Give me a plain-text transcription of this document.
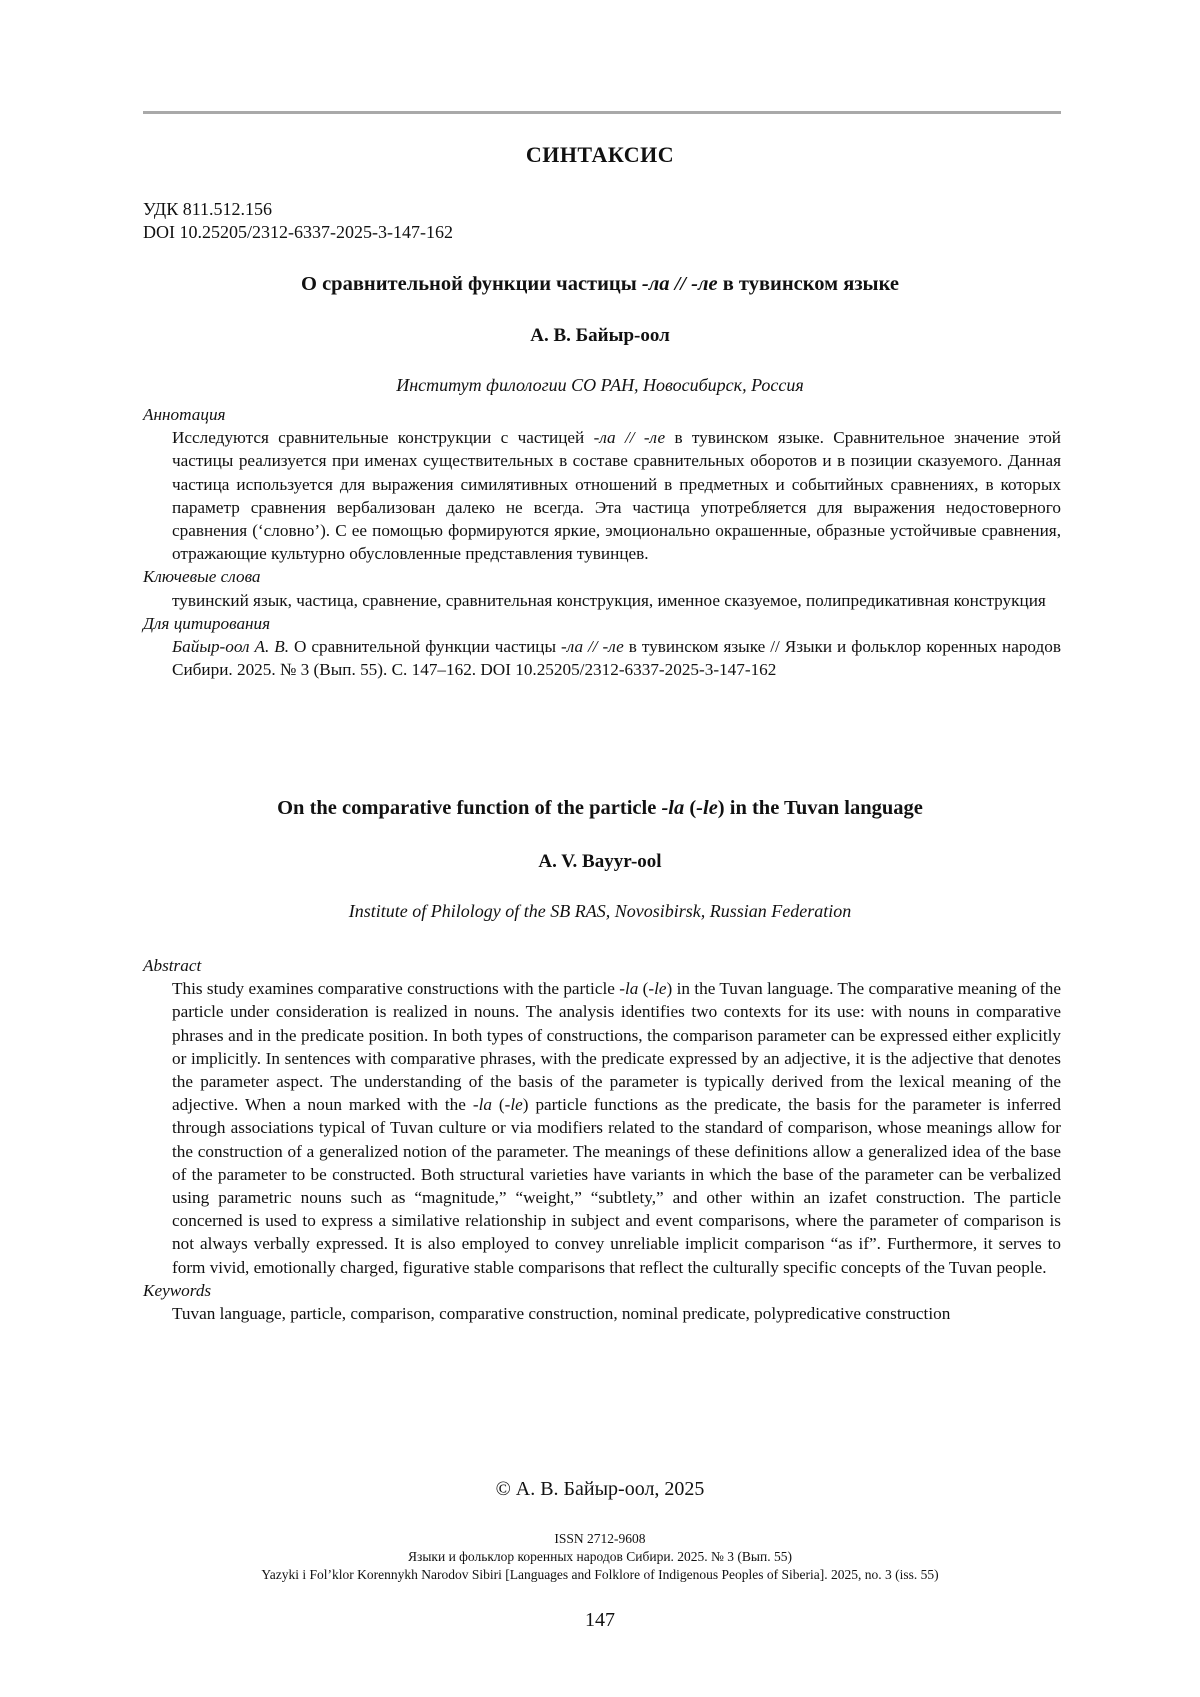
СИНТАКСИС
УДК 811.512.156
DOI 10.25205/2312-6337-2025-3-147-162
О сравнительной функции частицы -ла // -ле в тувинском языке
А. В. Байыр-оол
Институт филологии СО РАН, Новосибирск, Россия
Аннотация
Исследуются сравнительные конструкции с частицей -ла // -ле в тувинском языке. Сравнительное значение этой частицы реализуется при именах существительных в составе сравнительных оборотов и в позиции сказуемого. Данная частица используется для выражения симилятивных отношений в предметных и событийных сравнениях, в которых параметр сравнения вербализован далеко не всегда. Эта частица употребляется для выражения недостоверного сравнения (‘словно’). С ее помощью формируются яркие, эмоционально окрашенные, образные устойчивые сравнения, отражающие культурно обусловленные представления тувинцев.
Ключевые слова
тувинский язык, частица, сравнение, сравнительная конструкция, именное сказуемое, полипредикативная конструкция
Для цитирования
Байыр-оол А. В. О сравнительной функции частицы -ла // -ле в тувинском языке // Языки и фольклор коренных народов Сибири. 2025. № 3 (Вып. 55). С. 147–162. DOI 10.25205/2312-6337-2025-3-147-162
On the comparative function of the particle -la (-le) in the Tuvan language
A. V. Bayyr-ool
Institute of Philology of the SB RAS, Novosibirsk, Russian Federation
Abstract
This study examines comparative constructions with the particle -la (-le) in the Tuvan language. The comparative meaning of the particle under consideration is realized in nouns. The analysis identifies two contexts for its use: with nouns in comparative phrases and in the predicate position. In both types of constructions, the comparison parameter can be expressed either explicitly or implicitly. In sentences with comparative phrases, with the predicate expressed by an adjective, it is the adjective that denotes the parameter aspect. The understanding of the basis of the parameter is typically derived from the lexical meaning of the adjective. When a noun marked with the -la (-le) particle functions as the predicate, the basis for the parameter is inferred through associations typical of Tuvan culture or via modifiers related to the standard of comparison, whose meanings allow for the construction of a generalized notion of the parameter. The meanings of these definitions allow a generalized idea of the base of the parameter to be constructed. Both structural varieties have variants in which the base of the parameter can be verbalized using parametric nouns such as “magnitude,” “weight,” “subtlety,” and other within an izafet construction. The particle concerned is used to express a similative relationship in subject and event comparisons, where the parameter of comparison is not always verbally expressed. It is also employed to convey unreliable implicit comparison “as if”. Furthermore, it serves to form vivid, emotionally charged, figurative stable comparisons that reflect the culturally specific concepts of the Tuvan people.
Keywords
Tuvan language, particle, comparison, comparative construction, nominal predicate, polypredicative construction
© А. В. Байыр-оол, 2025
ISSN 2712-9608
Языки и фольклор коренных народов Сибири. 2025. № 3 (Вып. 55)
Yazyki i Fol’klor Korennykh Narodov Sibiri [Languages and Folklore of Indigenous Peoples of Siberia]. 2025, no. 3 (iss. 55)
147
